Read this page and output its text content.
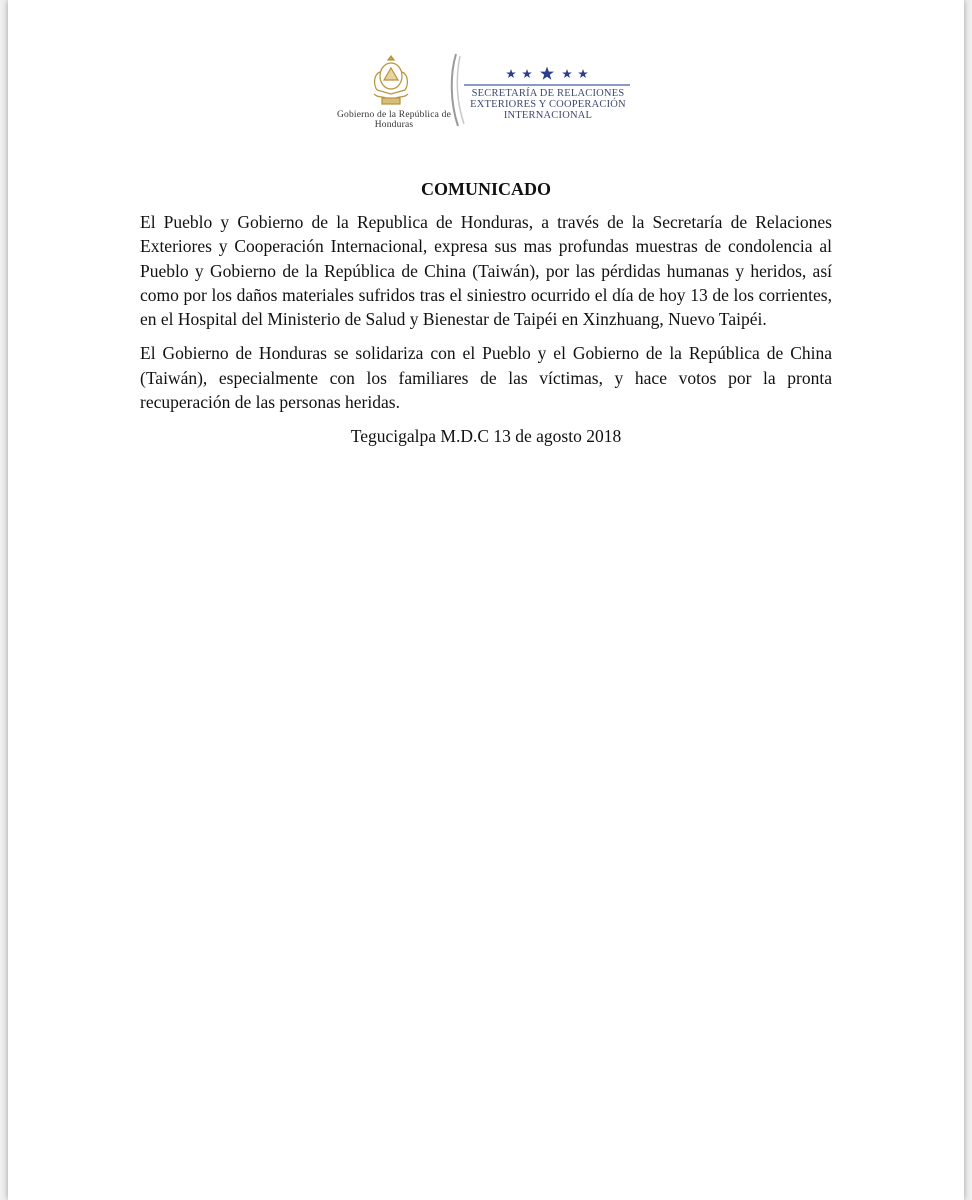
Gobierno de la República de Honduras
SECRETARÍA DE RELACIONES EXTERIORES Y COOPERACIÓN INTERNACIONAL
COMUNICADO

El Pueblo y Gobierno de la Republica de Honduras, a través de la Secretaría de Relaciones Exteriores y Cooperación Internacional, expresa sus mas profundas muestras de condolencia al Pueblo y Gobierno de la República de China (Taiwán), por las pérdidas humanas y heridos, así como por los daños materiales sufridos tras el siniestro ocurrido el día de hoy 13 de los corrientes, en el Hospital del Ministerio de Salud y Bienestar de Taipéi en Xinzhuang, Nuevo Taipéi.

El Gobierno de Honduras se solidariza con el Pueblo y el Gobierno de la República de China (Taiwán), especialmente con los familiares de las víctimas, y hace votos por la pronta recuperación de las personas heridas.

Tegucigalpa M.D.C 13 de agosto 2018
